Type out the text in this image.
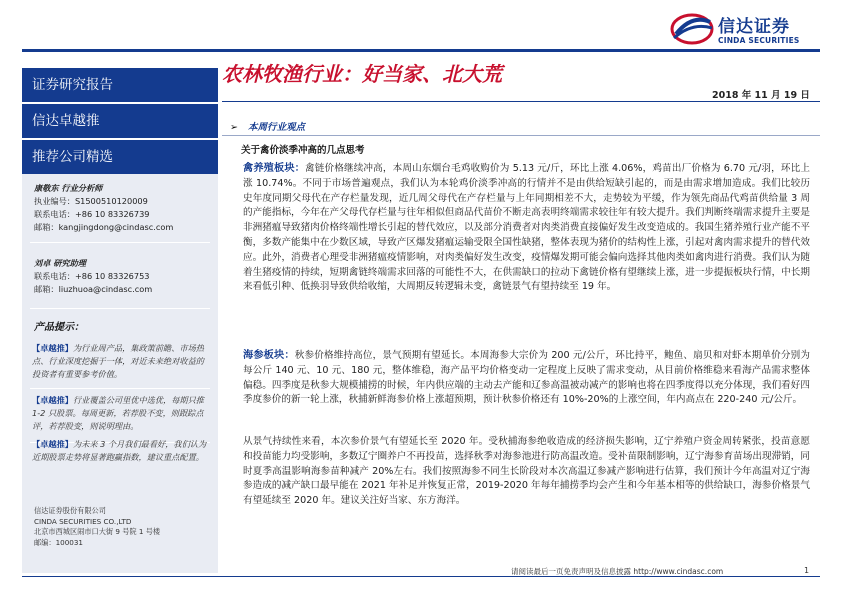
信达证券
CINDA SECURITIES
农林牧渔行业：好当家、北大荒
2018 年 11 月 19 日
证券研究报告
信达卓越推
推荐公司精选
康敬东 行业分析师
执业编号：S1500510120009
联系电话：+86 10 83326739
邮箱：kangjingdong@cindasc.com
刘卓 研究助理
联系电话：+86 10 83326753
邮箱：liuzhuoa@cindasc.com
产品提示：
【卓越推】为行业周产品，集政策前瞻、市场热点、行业深度挖掘于一体，对近未来绝对收益的投资者有重要参考价值。
【卓越推】行业覆盖公司里优中选优，每期只推 1-2 只股票。每周更新，若荐股不变，则跟踪点评，若荐股变，则说明理由。
【卓越推】为未来 3 个月我们最看好，我们认为近期股票走势将显著跑赢指数，建议重点配置。
信达证券股份有限公司
CINDA SECURITIES CO.,LTD
北京市西城区闹市口大街 9 号院 1 号楼
邮编：100031
➢ 本周行业观点
关于禽价淡季冲高的几点思考
禽养殖板块：禽链价格继续冲高，本周山东烟台毛鸡收购价为 5.13 元/斤，环比上涨 4.06%，鸡苗出厂价格为 6.70 元/羽，环比上涨 10.74%。不同于市场普遍观点，我们认为本轮鸡价淡季冲高的行情并不是由供给短缺引起的，而是由需求增加造成。我们比较历史年度同期父母代在产存栏量发现，近几周父母代在产存栏量与上年同期相差不大，走势较为平缓，作为领先商品代鸡苗供给量 3 周的产能指标，今年在产父母代存栏量与往年相似但商品代苗价不断走高表明终端需求较往年有较大提升。我们判断终端需求提升主要是非洲猪瘟导致猪肉价格终端性增长引起的替代效应，以及部分消费者对肉类消费直接偏好发生改变造成的。我国生猪养殖行业产能不平衡，多数产能集中在少数区域，导致产区爆发猪瘟运输受限全国性缺猪，整体表现为猪价的结构性上涨，引起对禽肉需求提升的替代效应。此外，消费者心理受非洲猪瘟疫情影响，对肉类偏好发生改变，疫情爆发期可能会偏向选择其他肉类如禽肉进行消费。我们认为随着生猪疫情的持续，短期禽链终端需求回落的可能性不大，在供需缺口的拉动下禽链价格有望继续上涨，进一步提振板块行情，中长期来看低引种、低换羽导致供给收缩，大周期反转逻辑未变，禽链景气有望持续至 19 年。
海参板块：秋参价格维持高位，景气预期有望延长。本周海参大宗价为 200 元/公斤，环比持平，鲍鱼、扇贝和对虾本期单价分别为每公斤 140 元、10 元、180 元，整体维稳，海产品平均价格变动一定程度上反映了需求变动，从目前价格维稳来看海产品需求整体偏稳。四季度是秋参大规模捕捞的时候，年内供应端的主动去产能和辽参高温被动减产的影响也将在四季度得以充分体现，我们看好四季度参价的新一轮上涨，秋捕新鲜海参价格上涨超预期，预计秋参价格还有 10%-20%的上涨空间，年内高点在 220-240 元/公斤。
从景气持续性来看，本次参价景气有望延长至 2020 年。受秋捕海参绝收造成的经济损失影响，辽宁养殖户资金周转紧张，投苗意愿和投苗能力均受影响，多数辽宁圈养户不再投苗，选择秋季对海参池进行防高温改造。受补苗限制影响，辽宁海参育苗场出现滞销，同时夏季高温影响海参苗种减产 20%左右。我们按照海参不同生长阶段对本次高温辽参减产影响进行估算，我们预计今年高温对辽宁海参造成的减产缺口最早能在 2021 年补足并恢复正常，2019-2020 年每年捕捞季均会产生和今年基本相等的供给缺口，海参价格景气有望延续至 2020 年。建议关注好当家、东方海洋。
请阅读最后一页免责声明及信息披露 http://www.cindasc.com	1
